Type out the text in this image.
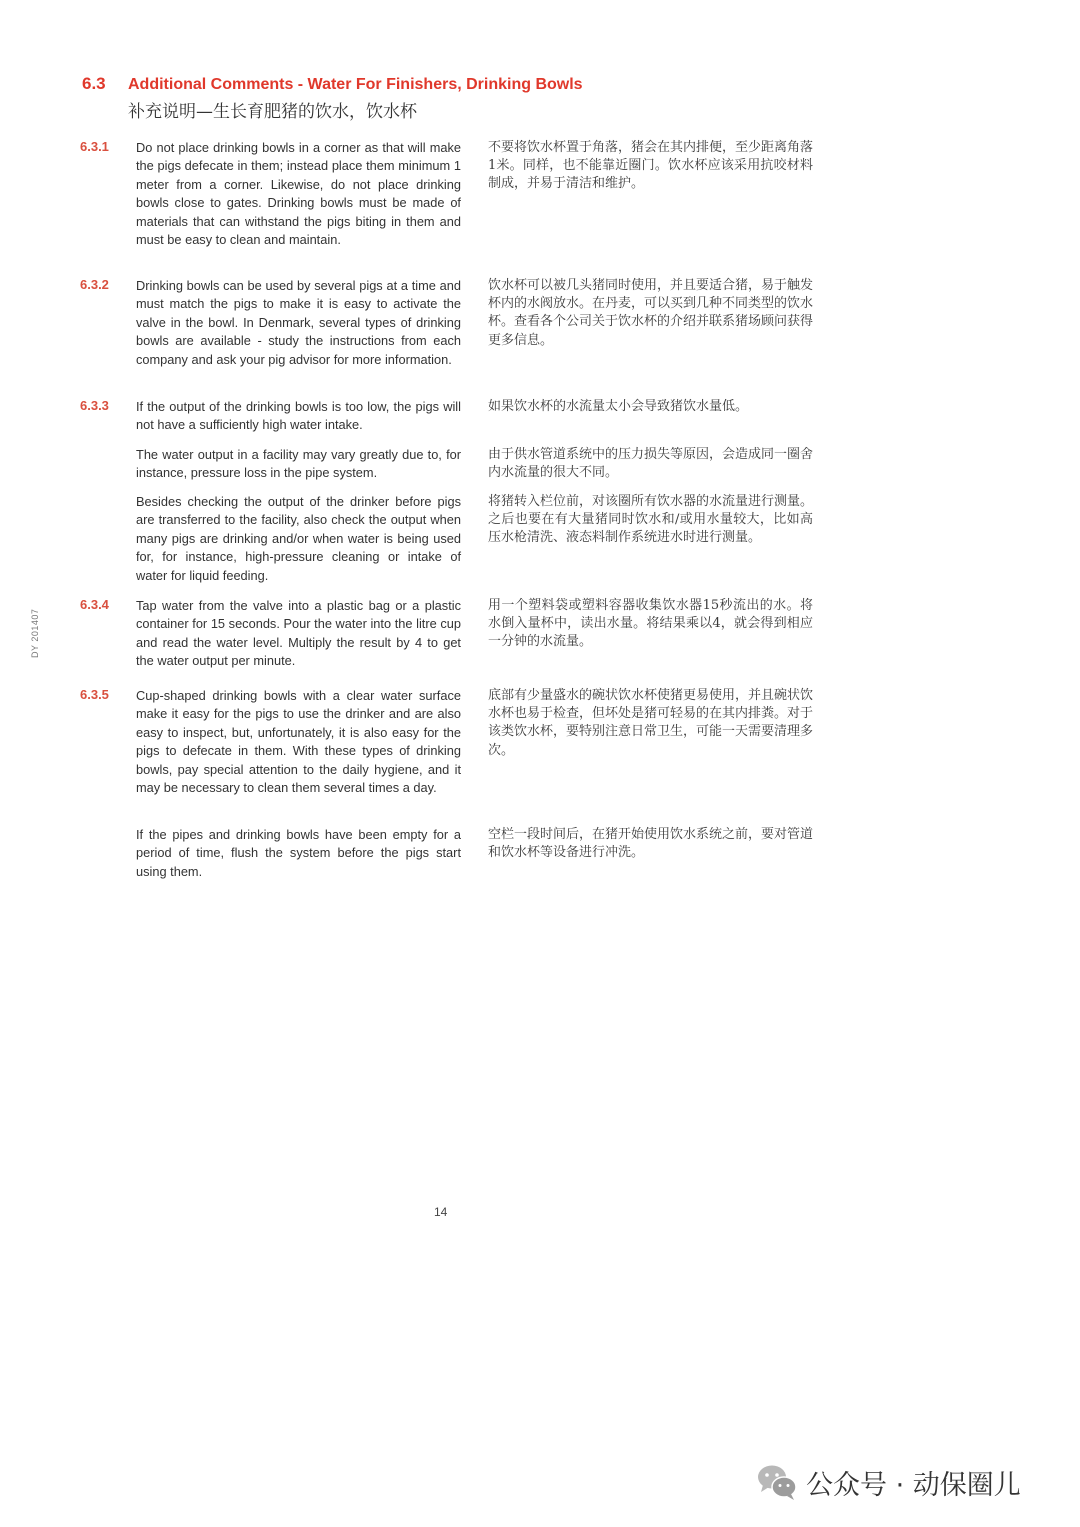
6.3 Additional Comments - Water For Finishers, Drinking Bowls
补充说明—生长育肥猪的饮水，饮水杯
6.3.1 Do not place drinking bowls in a corner as that will make the pigs defecate in them; instead place them minimum 1 meter from a corner. Likewise, do not place drinking bowls close to gates. Drinking bowls must be made of materials that can withstand the pigs biting in them and must be easy to clean and maintain.

不要将饮水杯置于角落，猪会在其内排便，至少距离角落1米。同样，也不能靠近圈门。饮水杯应该采用抗咬材料制成，并易于清洁和维护。

6.3.2 Drinking bowls can be used by several pigs at a time and must match the pigs to make it is easy to activate the valve in the bowl. In Denmark, several types of drinking bowls are available - study the instructions from each company and ask your pig advisor for more information.

饮水杯可以被几头猪同时使用，并且要适合猪，易于触发杯内的水阀放水。在丹麦，可以买到几种不同类型的饮水杯。查看各个公司关于饮水杯的介绍并联系猪场顾问获得更多信息。

6.3.3 If the output of the drinking bowls is too low, the pigs will not have a sufficiently high water intake.

如果饮水杯的水流量太小会导致猪饮水量低。

The water output in a facility may vary greatly due to, for instance, pressure loss in the pipe system.

由于供水管道系统中的压力损失等原因，会造成同一圈舍内水流量的很大不同。

Besides checking the output of the drinker before pigs are transferred to the facility, also check the output when many pigs are drinking and/or when water is being used for, for instance, high-pressure cleaning or intake of water for liquid feeding.

将猪转入栏位前，对该圈所有饮水器的水流量进行测量。之后也要在有大量猪同时饮水和/或用水量较大，比如高压水枪清洗、液态料制作系统进水时进行测量。

6.3.4 Tap water from the valve into a plastic bag or a plastic container for 15 seconds. Pour the water into the litre cup and read the water level. Multiply the result by 4 to get the water output per minute.

用一个塑料袋或塑料容器收集饮水器15秒流出的水。将水倒入量杯中，读出水量。将结果乘以4，就会得到相应一分钟的水流量。

6.3.5 Cup-shaped drinking bowls with a clear water surface make it easy for the pigs to use the drinker and are also easy to inspect, but, unfortunately, it is also easy for the pigs to defecate in them. With these types of drinking bowls, pay special attention to the daily hygiene, and it may be necessary to clean them several times a day.

底部有少量盛水的碗状饮水杯使猪更易使用，并且碗状饮水杯也易于检查，但坏处是猪可轻易的在其内排粪。对于该类饮水杯，要特别注意日常卫生，可能一天需要清理多次。

If the pipes and drinking bowls have been empty for a period of time, flush the system before the pigs start using them.

空栏一段时间后，在猪开始使用饮水系统之前，要对管道和饮水杯等设备进行冲洗。

DY 201407
14
公众号 · 动保圈儿
